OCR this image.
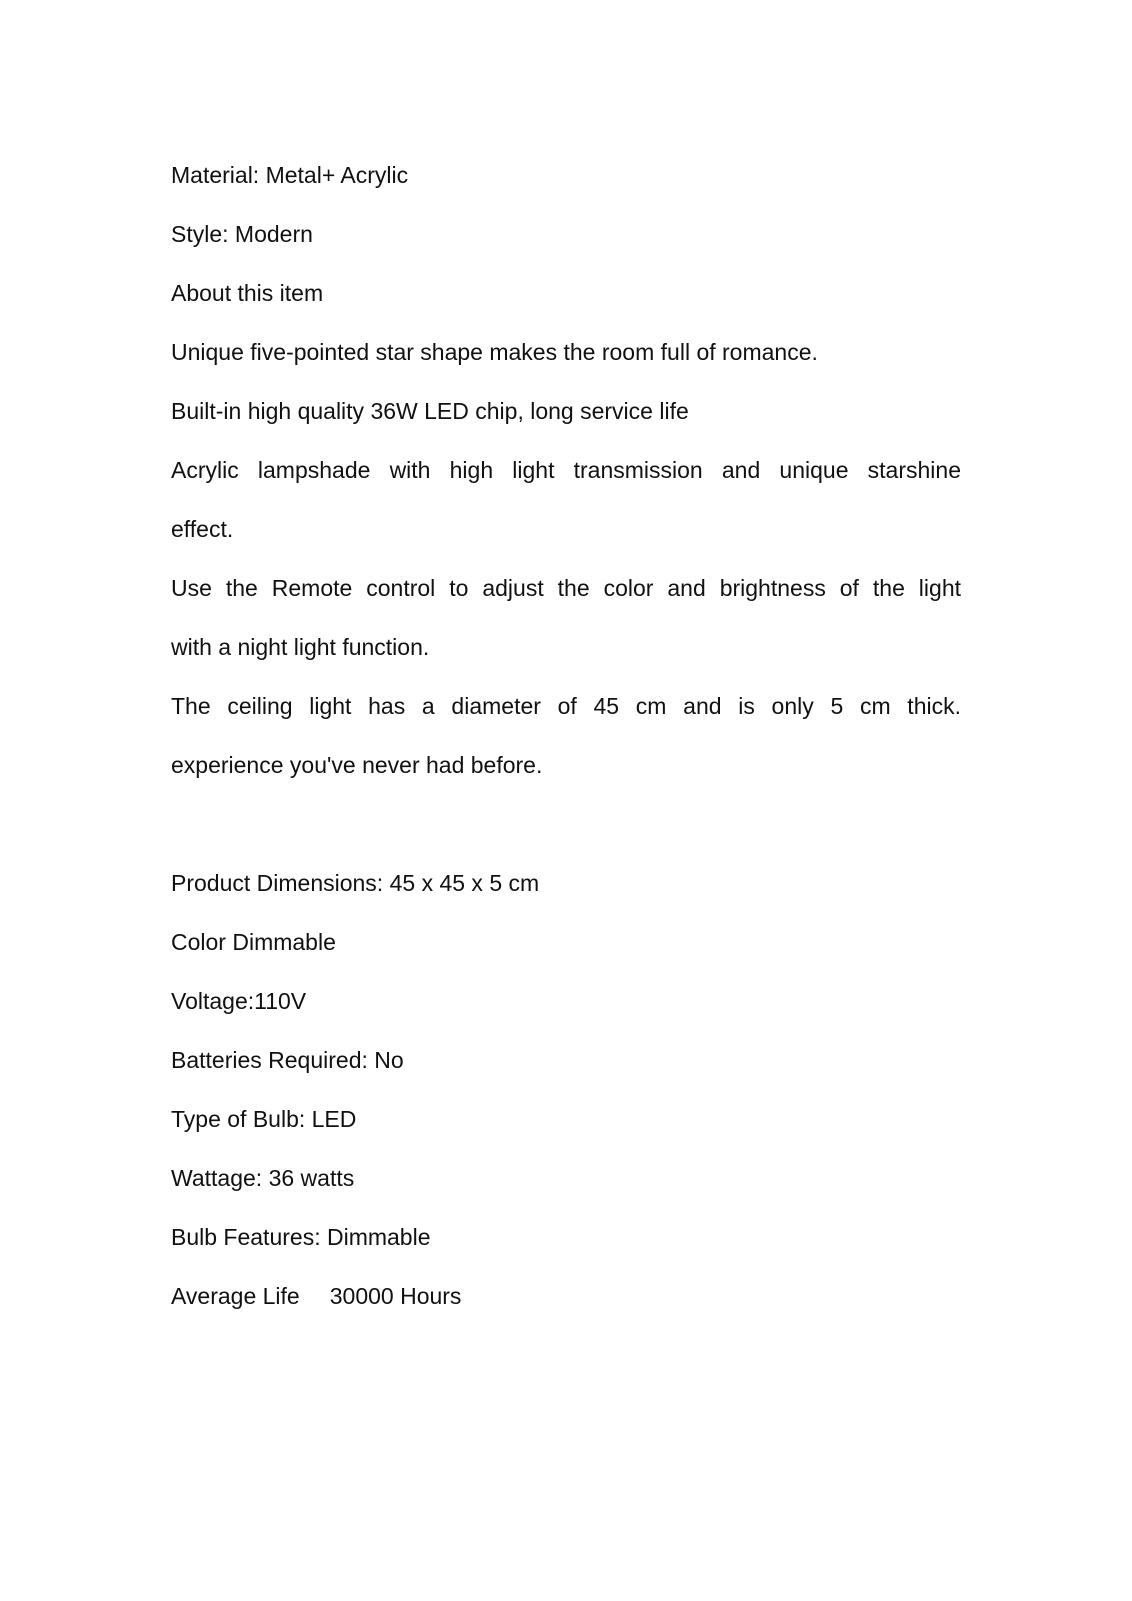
Material: Metal+ Acrylic

Style: Modern

About this item

Unique five-pointed star shape makes the room full of romance.

Built-in high quality 36W LED chip, long service life

Acrylic lampshade with high light transmission and unique starshine

effect.

Use the Remote control to adjust the color and brightness of the light

with a night light function.

The ceiling light has a diameter of 45 cm and is only 5 cm thick.

experience you've never had before.

Product Dimensions: 45 x 45 x 5 cm

Color Dimmable

Voltage:110V

Batteries Required: No

Type of Bulb: LED

Wattage: 36 watts

Bulb Features: Dimmable

Average Life 30000 Hours
